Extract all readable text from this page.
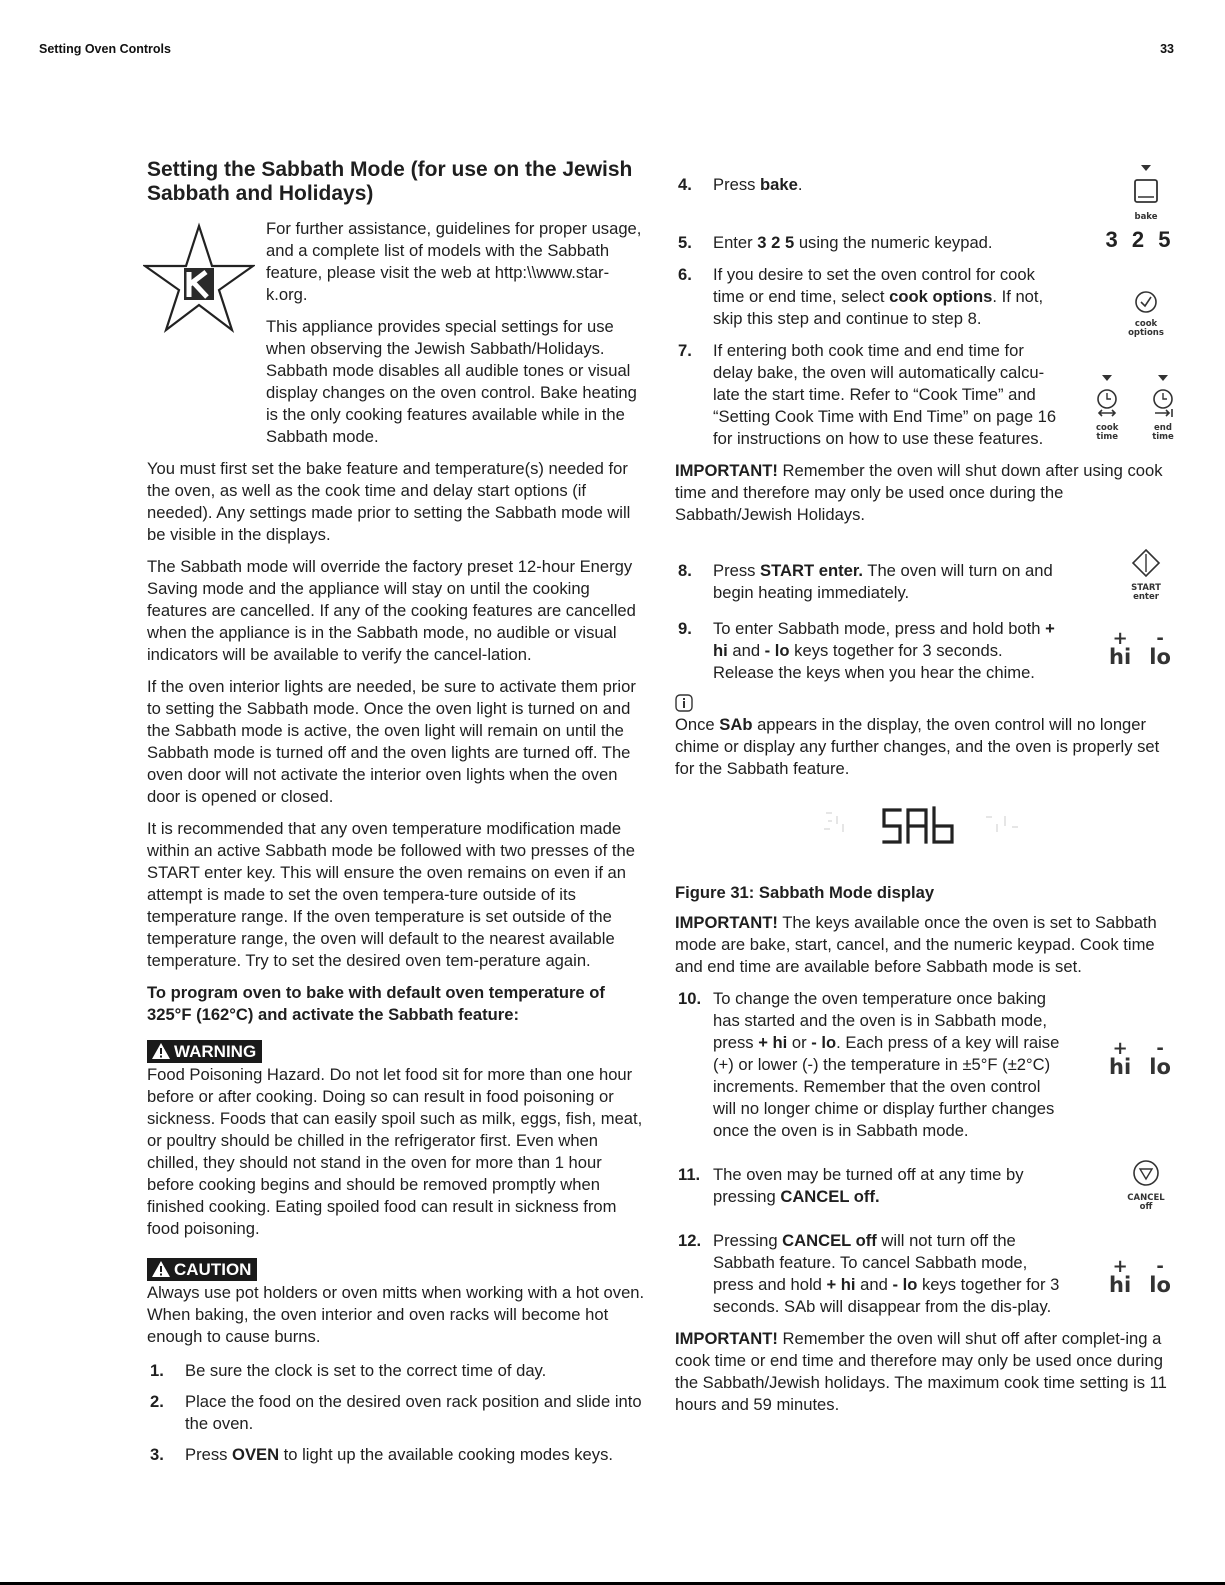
Setting Oven Controls	33
Setting the Sabbath Mode (for use on the Jewish Sabbath and Holidays)

For further assistance, guidelines for proper usage, and a complete list of models with the Sabbath feature, please visit the web at http:\\www.star-k.org.

This appliance provides special settings for use when observing the Jewish Sabbath/Holidays. Sabbath mode disables all audible tones or visual display changes on the oven control. Bake heating is the only cooking features available while in the Sabbath mode.

You must first set the bake feature and temperature(s) needed for the oven, as well as the cook time and delay start options (if needed). Any settings made prior to setting the Sabbath mode will be visible in the displays.

The Sabbath mode will override the factory preset 12-hour Energy Saving mode and the appliance will stay on until the cooking features are cancelled. If any of the cooking features are cancelled when the appliance is in the Sabbath mode, no audible or visual indicators will be available to verify the cancel-lation.

If the oven interior lights are needed, be sure to activate them prior to setting the Sabbath mode. Once the oven light is turned on and the Sabbath mode is active, the oven light will remain on until the Sabbath mode is turned off and the oven lights are turned off. The oven door will not activate the interior oven lights when the oven door is opened or closed.

It is recommended that any oven temperature modification made within an active Sabbath mode be followed with two presses of the START enter key. This will ensure the oven remains on even if an attempt is made to set the oven tempera-ture outside of its temperature range. If the oven temperature is set outside of the temperature range, the oven will default to the nearest available temperature. Try to set the desired oven tem-perature again.

To program oven to bake with default oven temperature of 325°F (162°C) and activate the Sabbath feature:

WARNING

Food Poisoning Hazard. Do not let food sit for more than one hour before or after cooking. Doing so can result in food poisoning or sickness. Foods that can easily spoil such as milk, eggs, fish, meat, or poultry should be chilled in the refrigerator first. Even when chilled, they should not stand in the oven for more than 1 hour before cooking begins and should be removed promptly when finished cooking. Eating spoiled food can result in sickness from food poisoning.

CAUTION

Always use pot holders or oven mitts when working with a hot oven. When baking, the oven interior and oven racks will become hot enough to cause burns.

1. Be sure the clock is set to the correct time of day.
2. Place the food on the desired oven rack position and slide into the oven.
3. Press OVEN to light up the available cooking modes keys.
4. Press bake.

bake
5. Enter 3 2 5 using the numeric keypad.	3 2 5
6. If you desire to set the oven control for cook time or end time, select cook options. If not, skip this step and continue to step 8.	cook
options
7. If entering both cook time and end time for delay bake, the oven will automatically calcu-late the start time. Refer to “Cook Time” and “Setting Cook Time with End Time” on page 16 for instructions on how to use these features.

cook
time

end
time

IMPORTANT! Remember the oven will shut down after using cook time and therefore may only be used once during the Sabbath/Jewish Holidays.

8. Press START enter. The oven will turn on and begin heating immediately.	START
enter
9. To enter Sabbath mode, press and hold both + hi and - lo keys together for 3 seconds. Release the keys when you hear the chime.
+
hi
-
lo

Once SAb appears in the display, the oven control will no longer chime or display any further changes, and the oven is properly set for the Sabbath feature.

Figure 31: Sabbath Mode display

IMPORTANT! The keys available once the oven is set to Sabbath mode are bake, start, cancel, and the numeric keypad. Cook time and end time are available before Sabbath mode is set.

10. To change the oven temperature once baking has started and the oven is in Sabbath mode, press + hi or - lo. Each press of a key will raise (+) or lower (-) the temperature in ±5°F (±2°C) increments. Remember that the oven control will no longer chime or display further changes once the oven is in Sabbath mode.
+
hi
-
lo
11. The oven may be turned off at any time by pressing CANCEL off.	CANCEL
off
12. Pressing CANCEL off will not turn off the Sabbath feature. To cancel Sabbath mode, press and hold + hi and - lo keys together for 3 seconds. SAb will disappear from the dis-play.
+
hi
-
lo

IMPORTANT! Remember the oven will shut off after complet-ing a cook time or end time and therefore may only be used once during the Sabbath/Jewish holidays. The maximum cook time setting is 11 hours and 59 minutes.
